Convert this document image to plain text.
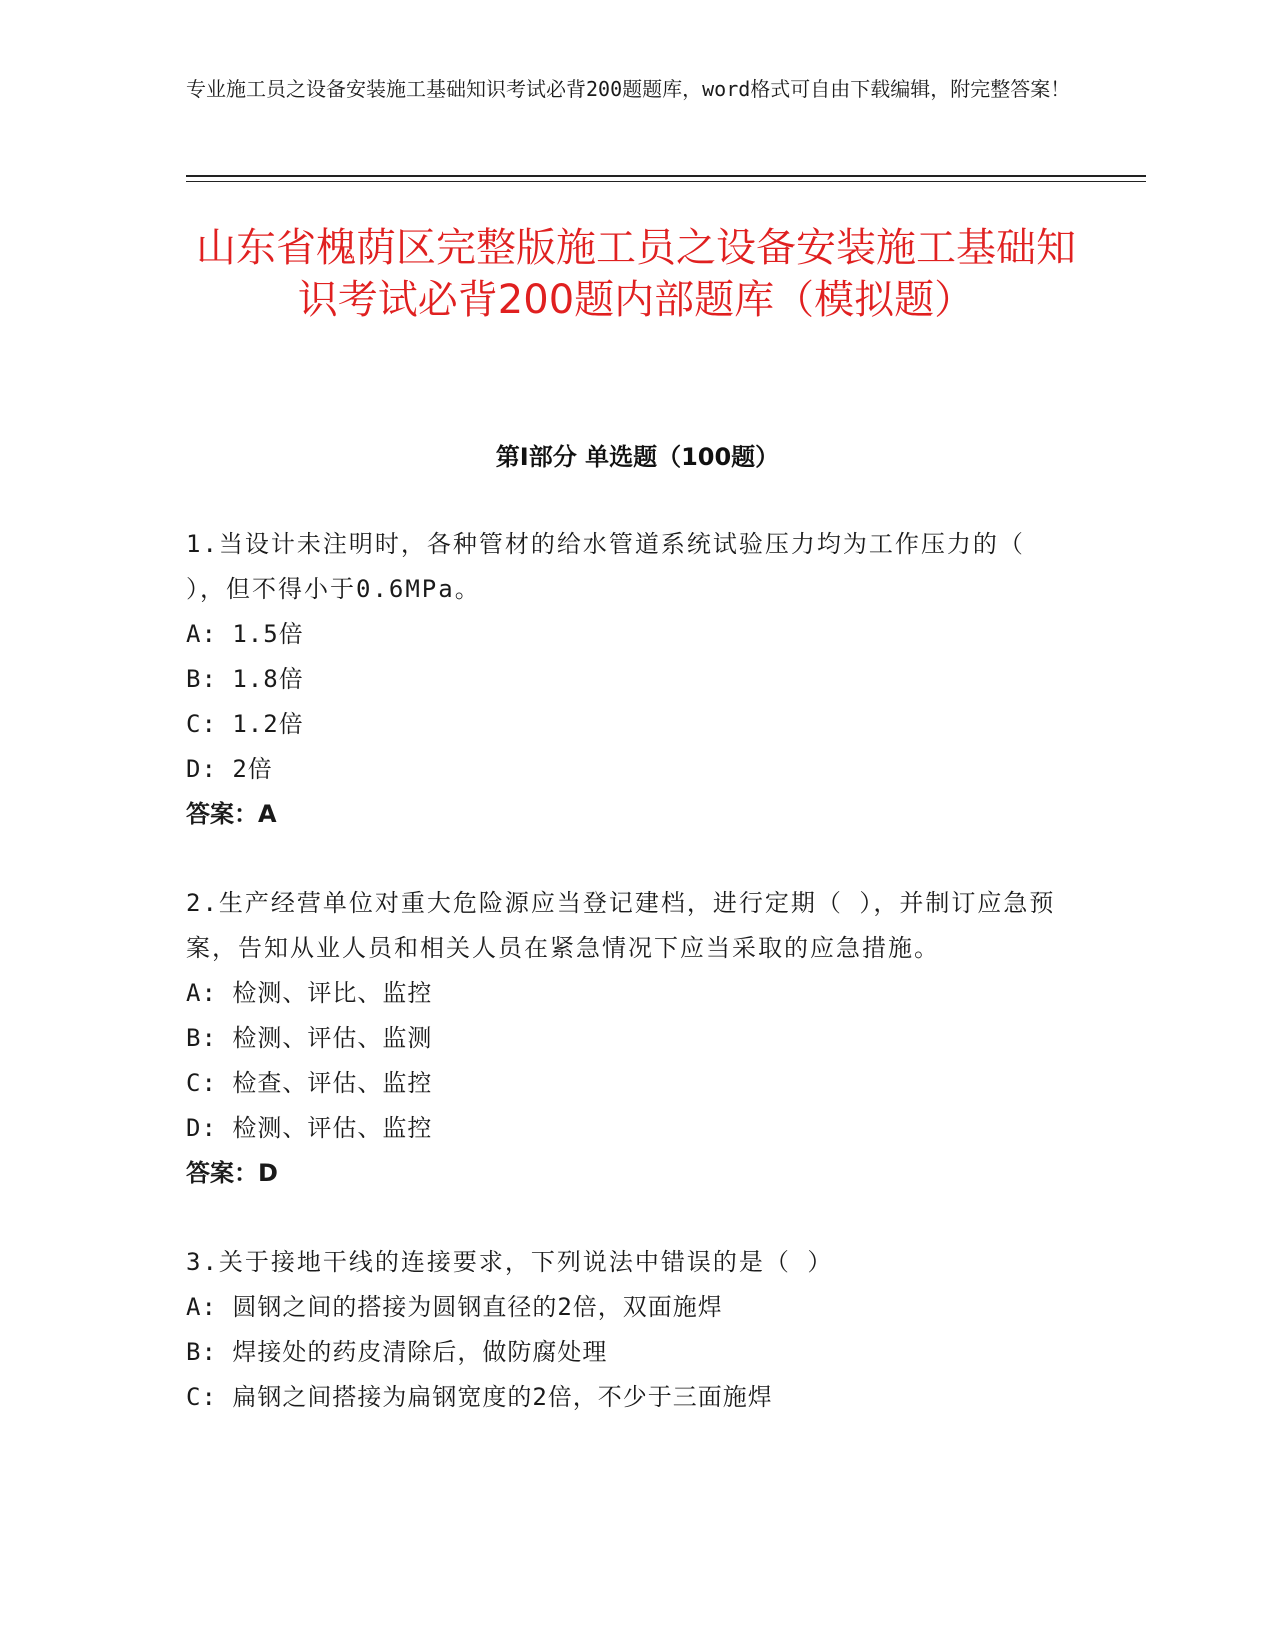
专业施工员之设备安装施工基础知识考试必背200题题库，word格式可自由下载编辑，附完整答案！
山东省槐荫区完整版施工员之设备安装施工基础知识考试必背200题内部题库（模拟题）
第Ⅰ部分 单选题（100题）
1.当设计未注明时，各种管材的给水管道系统试验压力均为工作压力的（ ），但不得小于0.6MPa。
A: 1.5倍
B: 1.8倍
C: 1.2倍
D: 2倍
答案：A
2.生产经营单位对重大危险源应当登记建档，进行定期（ ），并制订应急预案，告知从业人员和相关人员在紧急情况下应当采取的应急措施。
A: 检测、评比、监控
B: 检测、评估、监测
C: 检查、评估、监控
D: 检测、评估、监控
答案：D
3.关于接地干线的连接要求，下列说法中错误的是（ ）
A: 圆钢之间的搭接为圆钢直径的2倍，双面施焊
B: 焊接处的药皮清除后，做防腐处理
C: 扁钢之间搭接为扁钢宽度的2倍，不少于三面施焊
